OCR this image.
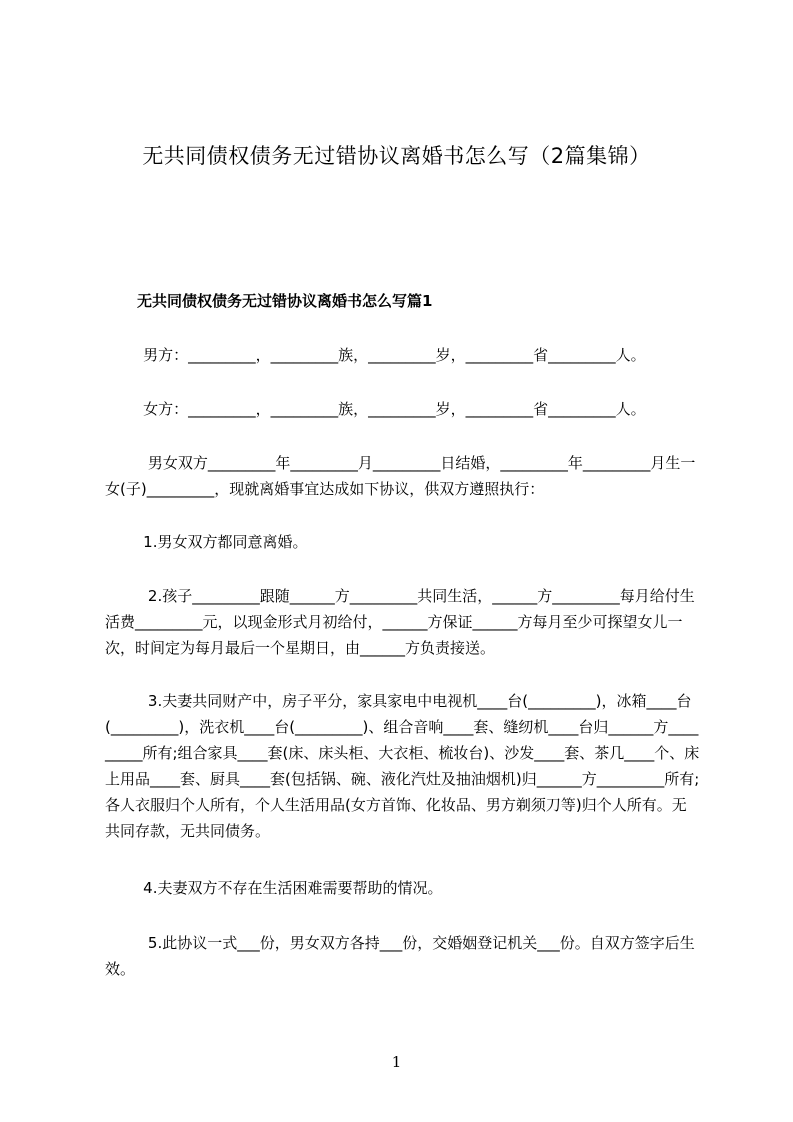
无共同债权债务无过错协议离婚书怎么写（2篇集锦）
无共同债权债务无过错协议离婚书怎么写篇1
男方：_________，_________族，_________岁，_________省_________人。
女方：_________，_________族，_________岁，_________省_________人。
男女双方_________年_________月_________日结婚，_________年_________月生一女(子)_________，现就离婚事宜达成如下协议，供双方遵照执行：
1.男女双方都同意离婚。
2.孩子_________跟随______方_________共同生活，______方_________每月给付生活费_________元，以现金形式月初给付，______方保证______方每月至少可探望女儿一次，时间定为每月最后一个星期日，由______方负责接送。
3.夫妻共同财产中，房子平分，家具家电中电视机____台(_________)，冰箱____台(_________)，洗衣机____台(_________)、组合音响____套、缝纫机____台归______方_________所有;组合家具____套(床、床头柜、大衣柜、梳妆台)、沙发____套、茶几____个、床上用品____套、厨具____套(包括锅、碗、液化汽灶及抽油烟机)归______方_________所有;各人衣服归个人所有，个人生活用品(女方首饰、化妆品、男方剃须刀等)归个人所有。无共同存款，无共同债务。
4.夫妻双方不存在生活困难需要帮助的情况。
5.此协议一式___份，男女双方各持___份，交婚姻登记机关___份。自双方签字后生效。
1
